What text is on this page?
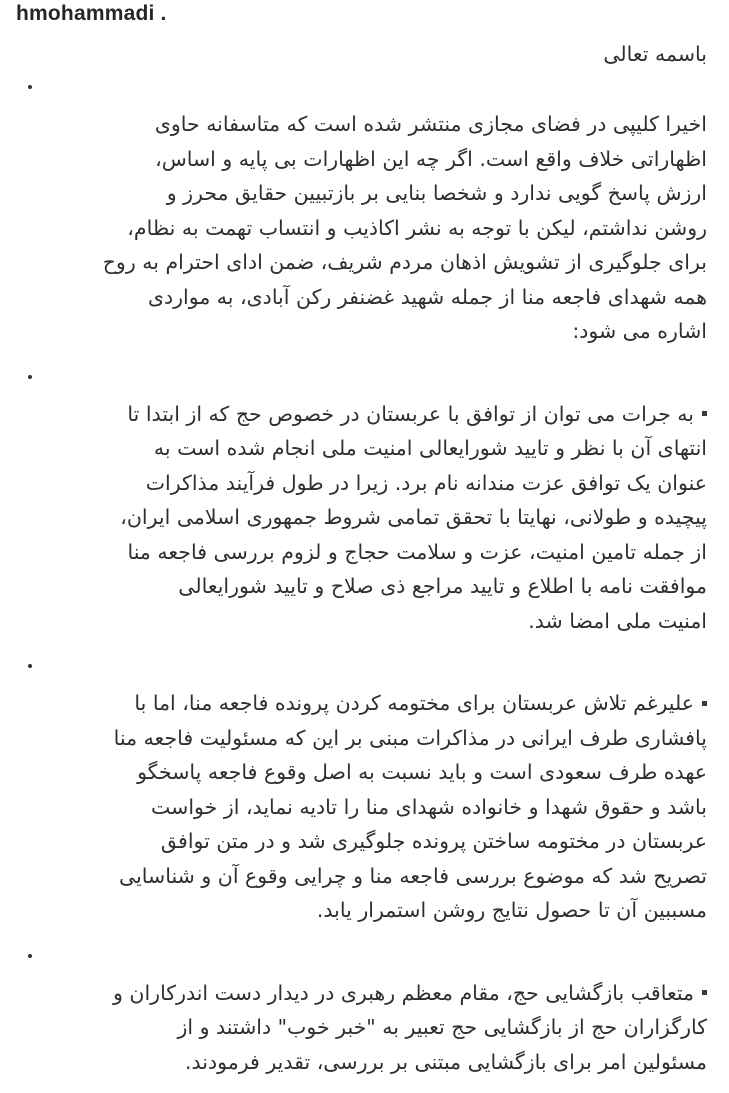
hmohammadi .
باسمه تعالی
اخیرا کلیپی در فضای مجازی منتشر شده است که متاسفانه حاوی
اظهاراتی خلاف واقع است. اگر چه این اظهارات بی پایه و اساس،
ارزش پاسخ گویی ندارد و شخصا بنایی بر بازتبیین حقایق محرز و
روشن نداشتم، لیکن با توجه به نشر اکاذیب و انتساب تهمت به نظام،
برای جلوگیری از تشویش اذهان مردم شریف، ضمن ادای احترام به روح
همه شهدای فاجعه منا از جمله شهید غضنفر رکن آبادی، به مواردی
اشاره می شود:
به جرات می توان از توافق با عربستان در خصوص حج که از ابتدا تا
انتهای آن با نظر و تایید شورایعالی امنیت ملی انجام شده است به
عنوان یک توافق عزت مندانه نام برد. زیرا در طول فرآیند مذاکرات
پیچیده و طولانی، نهایتا با تحقق تمامی شروط جمهوری اسلامی ایران،
از جمله تامین امنیت، عزت و سلامت حجاج و لزوم بررسی فاجعه منا
موافقت نامه با اطلاع و تایید مراجع ذی صلاح و تایید شورایعالی
امنیت ملی امضا شد.
علیرغم تلاش عربستان برای مختومه کردن پرونده فاجعه منا، اما با
پافشاری طرف ایرانی در مذاکرات مبنی بر این که مسئولیت فاجعه منا
عهده طرف سعودی است و باید نسبت به اصل وقوع فاجعه پاسخگو
باشد و حقوق شهدا و خانواده شهدای منا را تادیه نماید، از خواست
عربستان در مختومه ساختن پرونده جلوگیری شد و در متن توافق
تصریح شد که موضوع بررسی فاجعه منا و چرایی وقوع آن و شناسایی
مسببین آن تا حصول نتایج روشن استمرار یابد.
متعاقب بازگشایی حج، مقام معظم رهبری در دیدار دست اندرکاران و
کارگزاران حج از بازگشایی حج تعبیر به "خبر خوب" داشتند و از
مسئولین امر برای بازگشایی مبتنی بر بررسی، تقدیر فرمودند.
